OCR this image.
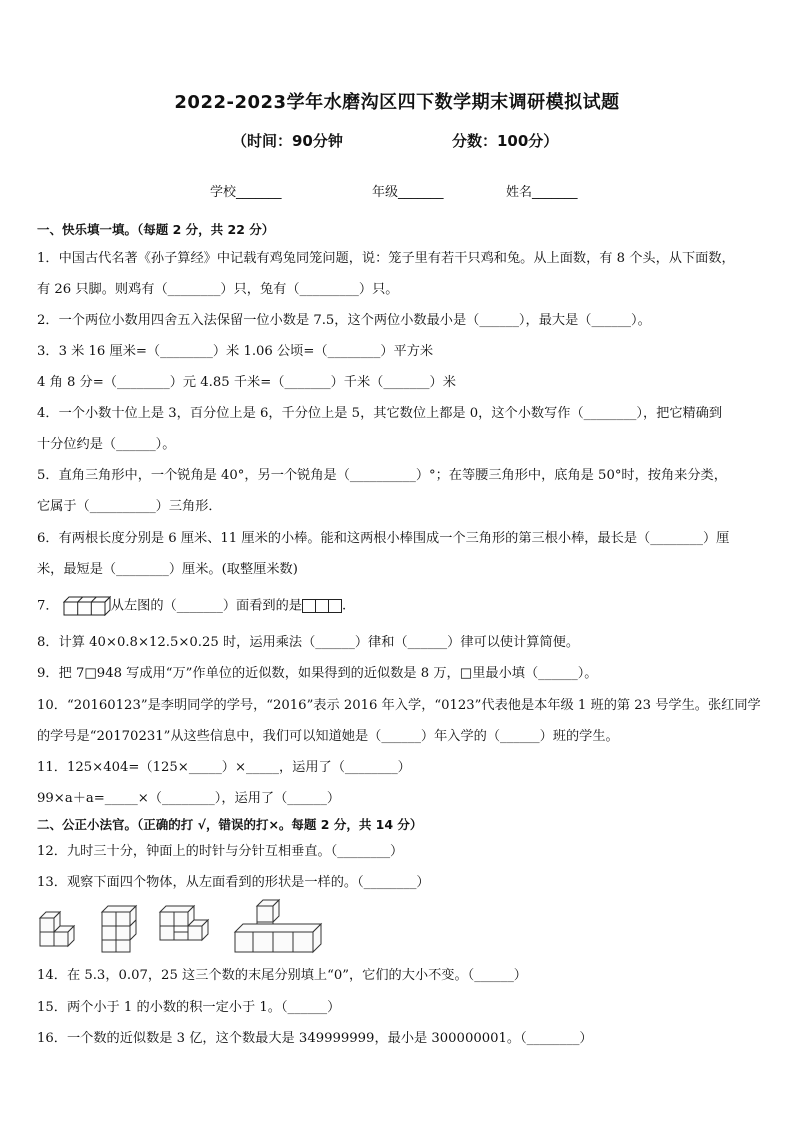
2022-2023学年水磨沟区四下数学期末调研模拟试题
（时间：90分钟	分数：100分）
学校_______	年级_______	姓名_______
一、快乐填一填。（每题 2 分，共 22 分）
1．中国古代名著《孙子算经》中记载有鸡兔同笼问题，说：笼子里有若干只鸡和兔。从上面数，有 8 个头，从下面数，
有 26 只脚。则鸡有（________）只，兔有（_________）只。
2．一个两位小数用四舍五入法保留一位小数是 7.5，这个两位小数最小是（______），最大是（______）。
3．3 米 16 厘米=（________）米 1.06 公顷=（________）平方米
4 角 8 分=（________）元 4.85 千米=（_______）千米（_______）米
4．一个小数十位上是 3，百分位上是 6，千分位上是 5，其它数位上都是 0，这个小数写作（________），把它精确到
十分位约是（______）。
5．直角三角形中，一个锐角是 40°，另一个锐角是（__________）°；在等腰三角形中，底角是 50°时，按角来分类，
它属于（__________）三角形．
6．有两根长度分别是 6 厘米、11 厘米的小棒。能和这两根小棒围成一个三角形的第三根小棒，最长是（________）厘
米，最短是（________）厘米。(取整厘米数)
7．	从左图的（_______）面看到的是	.
8．计算 40×0.8×12.5×0.25 时，运用乘法（______）律和（______）律可以使计算简便。
9．把 7□948 写成用“万”作单位的近似数，如果得到的近似数是 8 万，□里最小填（______）。
10．“20160123”是李明同学的学号，“2016”表示 2016 年入学，“0123”代表他是本年级 1 班的第 23 号学生。张红同学
的学号是“20170231”从这些信息中，我们可以知道她是（______）年入学的（______）班的学生。
11．125×404=（125×_____）×_____，运用了（________）
99×a＋a=_____×（________），运用了（______）
二、公正小法官。（正确的打 √，错误的打×。每题 2 分，共 14 分）
12．九时三十分，钟面上的时针与分针互相垂直。（________）
13．观察下面四个物体，从左面看到的形状是一样的。（________）
14．在 5.3，0.07，25 这三个数的末尾分别填上“0”，它们的大小不变。（______）
15．两个小于 1 的小数的积一定小于 1。（______）
16．一个数的近似数是 3 亿，这个数最大是 349999999，最小是 300000001。（________）
